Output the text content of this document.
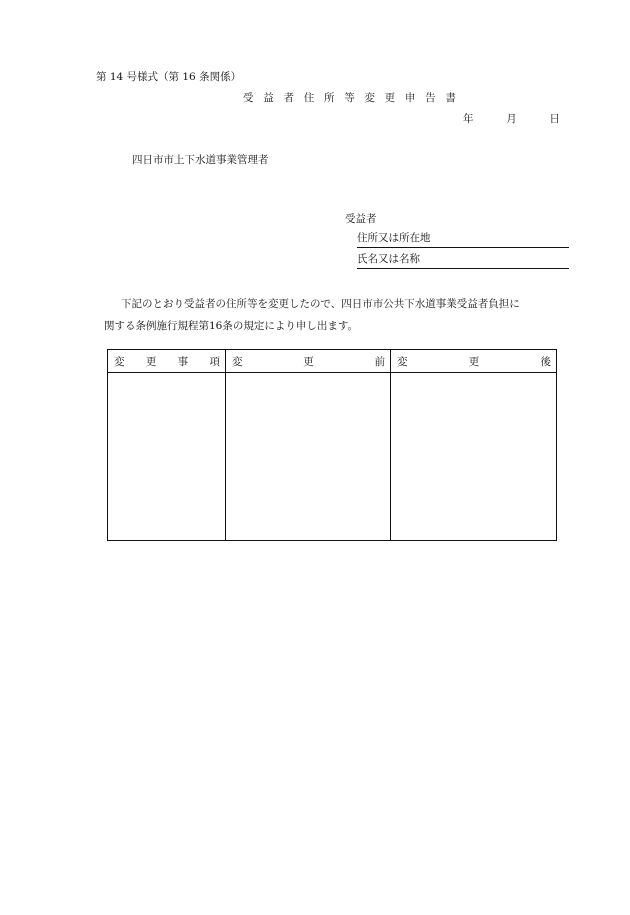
第 14 号様式（第 16 条関係）
受 益 者 住 所 等 変 更 申 告 書
年	月	日
四日市市上下水道事業管理者
受益者
住所又は所在地
氏名又は名称
下記のとおり受益者の住所等を変更したので、四日市市公共下水道事業受益者負担に
関する条例施行規程第16条の規定により申し出ます。
変 更 事 項	変 更 前	変 更 後
